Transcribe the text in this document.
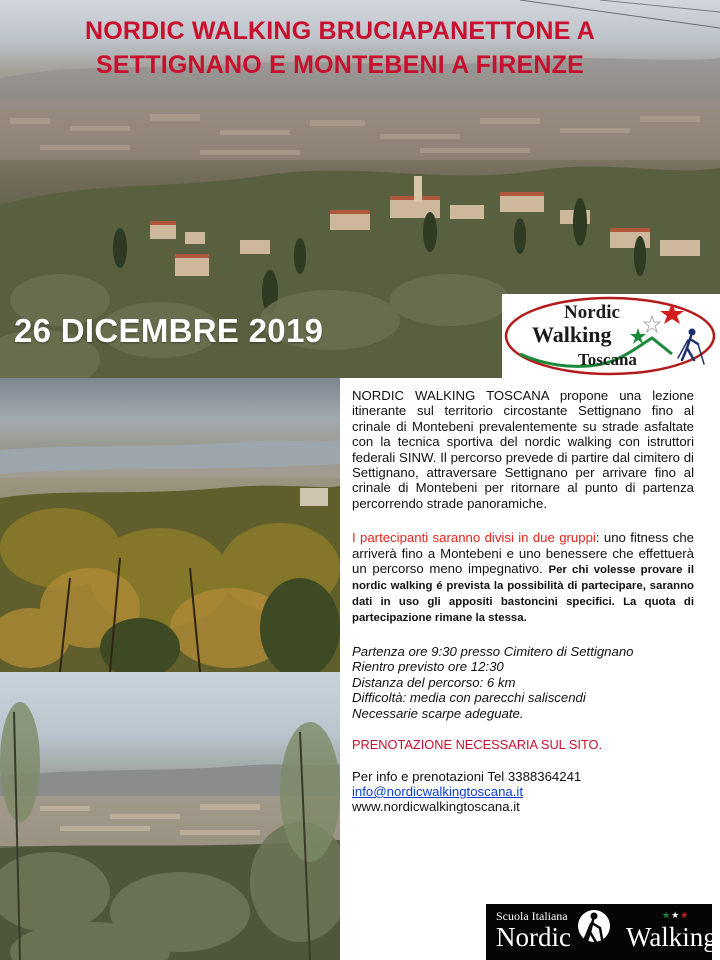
NORDIC WALKING BRUCIAPANETTONE A
SETTIGNANO E MONTEBENI A FIRENZE
26 DICEMBRE 2019	Nordic
Walking
Toscana

NORDIC WALKING TOSCANA propone una lezione itinerante sul territorio circostante Settignano fino al crinale di Montebeni prevalentemente su strade asfaltate con la tecnica sportiva del nordic walking con istruttori federali SINW. Il percorso prevede di partire dal cimitero di Settignano, attraversare Settignano per arrivare fino al crinale di Montebeni per ritornare al punto di partenza percorrendo strade panoramiche.

I partecipanti saranno divisi in due gruppi: uno fitness che arriverà fino a Montebeni e uno benessere che effettuerà un percorso meno impegnativo. Per chi volesse provare il nordic walking é prevista la possibilità di partecipare, saranno dati in uso gli appositi bastoncini specifici. La quota di partecipazione rimane la stessa.

Partenza ore 9:30 presso Cimitero di Settignano
Rientro previsto ore 12:30
Distanza del percorso: 6 km
Difficoltà: media con parecchi saliscendi
Necessarie scarpe adeguate.
PRENOTAZIONE NECESSARIA SUL SITO.
Per info e prenotazioni Tel 3388364241
info@nordicwalkingtoscana.it
www.nordicwalkingtoscana.it
Scuola Italiana
Nordic Walking
★★★
